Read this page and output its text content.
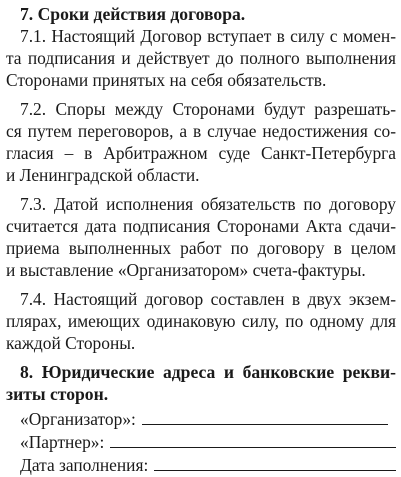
7. Сроки действия договора.
7.1. Настоящий Договор вступает в силу с момен-
та подписания и действует до полного выполнения
Сторонами принятых на себя обязательств.
7.2. Споры между Сторонами будут разрешать-
ся путем переговоров, а в случае недостижения со-
гласия – в Арбитражном суде Санкт-Петербурга
и Ленинградской области.
7.3. Датой исполнения обязательств по договору
считается дата подписания Сторонами Акта сдачи-
приема выполненных работ по договору в целом
и выставление «Организатором» счета-фактуры.
7.4. Настоящий договор составлен в двух экзем-
плярах, имеющих одинаковую силу, по одному для
каждой Стороны.
8. Юридические адреса и банковские рекви-
зиты сторон.
«Организатор»:
«Партнер»:
Дата заполнения:
